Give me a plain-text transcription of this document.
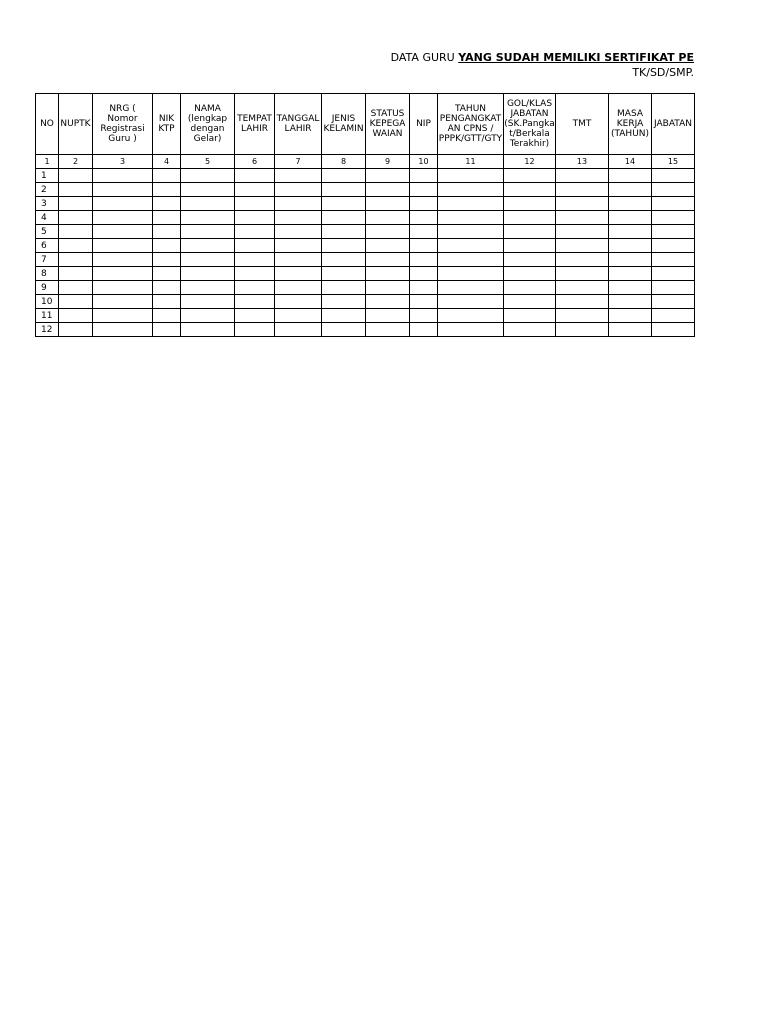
DATA GURU YANG SUDAH MEMILIKI SERTIFIKAT PE
TK/SD/SMP.
NO	NUPTK	NRG ( Nomor Registrasi Guru )	NIK KTP	NAMA (lengkap dengan Gelar)	TEMPAT LAHIR	TANGGAL LAHIR	JENIS KELAMIN	STATUS KEPEGA WAIAN	NIP	TAHUN PENGANGKAT AN CPNS / PPPK/GTT/GTY	GOL/KLAS JABATAN (SK.Pangka t/Berkala Terakhir)	TMT	MASA KERJA (TAHUN)	JABATAN
1	2	3	4	5	6	7	8	9	10	11	12	13	14	15
1														
2														
3														
4														
5														
6														
7														
8														
9														
10														
11														
12														
